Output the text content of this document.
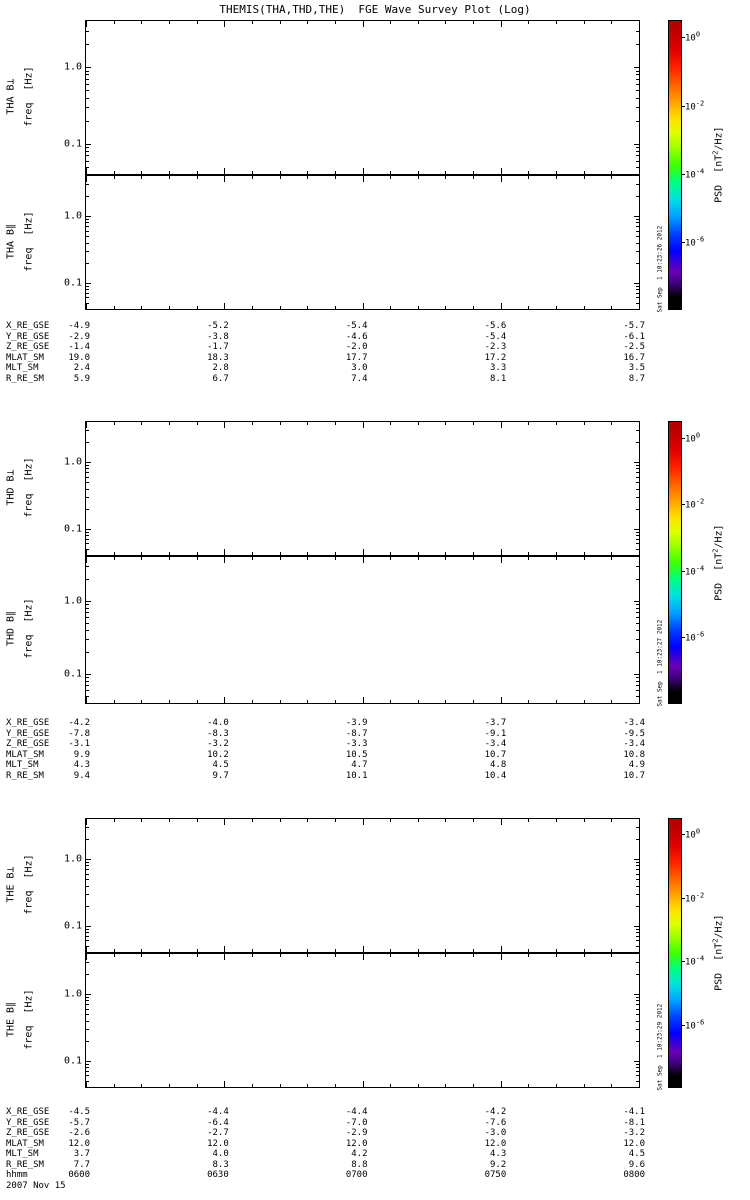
THEMIS(THA,THD,THE)  FGE Wave Survey Plot (Log)
1.0
0.1
THA B⊥ freq  [Hz]
1.0
0.1
THA B∥ freq  [Hz]
1.0
0.1
THD B⊥ freq  [Hz]
1.0
0.1
THD B∥ freq  [Hz]
1.0
0.1
THE B⊥ freq  [Hz]
1.0
0.1
THE B∥ freq  [Hz]
$10^0$
$10^{-2}$
$10^{-4}$
$10^{-6}$
PSD  $[nT^2/Hz]$
Sat Sep  1 10:23:26 2012
$10^0$
$10^{-2}$
$10^{-4}$
$10^{-6}$
PSD  $[nT^2/Hz]$
Sat Sep  1 10:23:27 2012
$10^0$
$10^{-2}$
$10^{-4}$
$10^{-6}$
PSD  $[nT^2/Hz]$
Sat Sep  1 10:23:29 2012
X_RE_GSE	-4.9	-5.2	-5.4	-5.6	-5.7
Y_RE_GSE	-2.9	-3.8	-4.6	-5.4	-6.1
Z_RE_GSE	-1.4	-1.7	-2.0	-2.3	-2.5
MLAT_SM	19.0	18.3	17.7	17.2	16.7
MLT_SM	2.4	2.8	3.0	3.3	3.5
R_RE_SM	5.9	6.7	7.4	8.1	8.7
X_RE_GSE	-4.2	-4.0	-3.9	-3.7	-3.4
Y_RE_GSE	-7.8	-8.3	-8.7	-9.1	-9.5
Z_RE_GSE	-3.1	-3.2	-3.3	-3.4	-3.4
MLAT_SM	9.9	10.2	10.5	10.7	10.8
MLT_SM	4.3	4.5	4.7	4.8	4.9
R_RE_SM	9.4	9.7	10.1	10.4	10.7
X_RE_GSE	-4.5	-4.4	-4.4	-4.2	-4.1
Y_RE_GSE	-5.7	-6.4	-7.0	-7.6	-8.1
Z_RE_GSE	-2.6	-2.7	-2.9	-3.0	-3.2
MLAT_SM	12.0	12.0	12.0	12.0	12.0
MLT_SM	3.7	4.0	4.2	4.3	4.5
R_RE_SM	7.7	8.3	8.8	9.2	9.6
hhmm	0600	0630	0700	0750	0800
2007 Nov 15
